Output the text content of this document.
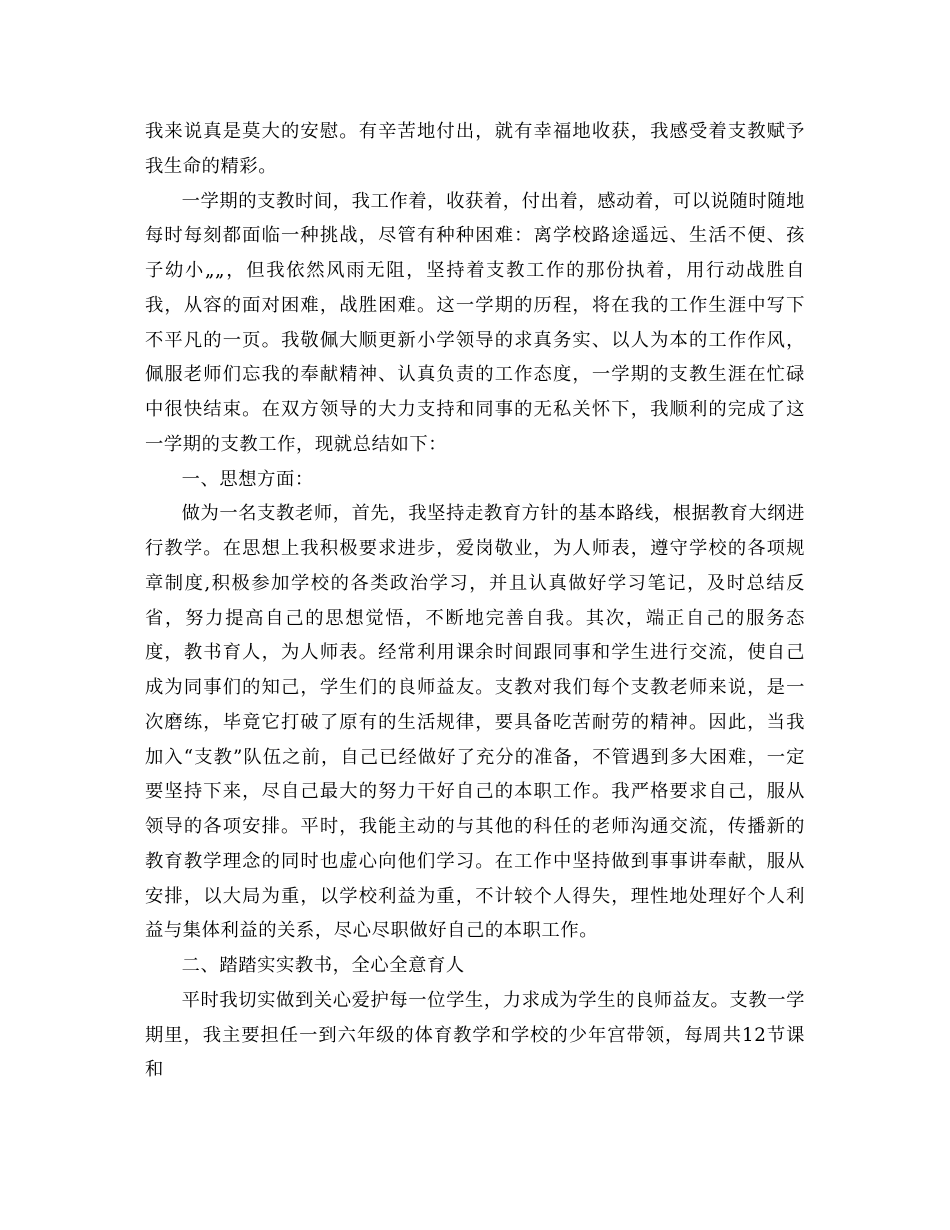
我来说真是莫大的安慰。有辛苦地付出，就有幸福地收获，我感受着支教赋予我生命的精彩。

一学期的支教时间，我工作着，收获着，付出着，感动着，可以说随时随地每时每刻都面临一种挑战，尽管有种种困难：离学校路途遥远、生活不便、孩子幼小„„，但我依然风雨无阻，坚持着支教工作的那份执着，用行动战胜自我，从容的面对困难，战胜困难。这一学期的历程，将在我的工作生涯中写下不平凡的一页。我敬佩大顺更新小学领导的求真务实、以人为本的工作作风，佩服老师们忘我的奉献精神、认真负责的工作态度，一学期的支教生涯在忙碌中很快结束。在双方领导的大力支持和同事的无私关怀下，我顺利的完成了这一学期的支教工作，现就总结如下：

一、思想方面：

做为一名支教老师，首先，我坚持走教育方针的基本路线，根据教育大纲进行教学。在思想上我积极要求进步，爱岗敬业，为人师表，遵守学校的各项规章制度,积极参加学校的各类政治学习，并且认真做好学习笔记，及时总结反省，努力提高自己的思想觉悟，不断地完善自我。其次，端正自己的服务态度，教书育人，为人师表。经常利用课余时间跟同事和学生进行交流，使自己成为同事们的知己，学生们的良师益友。支教对我们每个支教老师来说，是一次磨练，毕竟它打破了原有的生活规律，要具备吃苦耐劳的精神。因此，当我加入“支教”队伍之前，自己已经做好了充分的准备，不管遇到多大困难，一定要坚持下来，尽自己最大的努力干好自己的本职工作。我严格要求自己，服从领导的各项安排。平时，我能主动的与其他的科任的老师沟通交流，传播新的教育教学理念的同时也虚心向他们学习。在工作中坚持做到事事讲奉献，服从安排，以大局为重，以学校利益为重，不计较个人得失，理性地处理好个人利益与集体利益的关系，尽心尽职做好自己的本职工作。

二、踏踏实实教书，全心全意育人

平时我切实做到关心爱护每一位学生，力求成为学生的良师益友。支教一学期里，我主要担任一到六年级的体育教学和学校的少年宫带领，每周共12节课和
